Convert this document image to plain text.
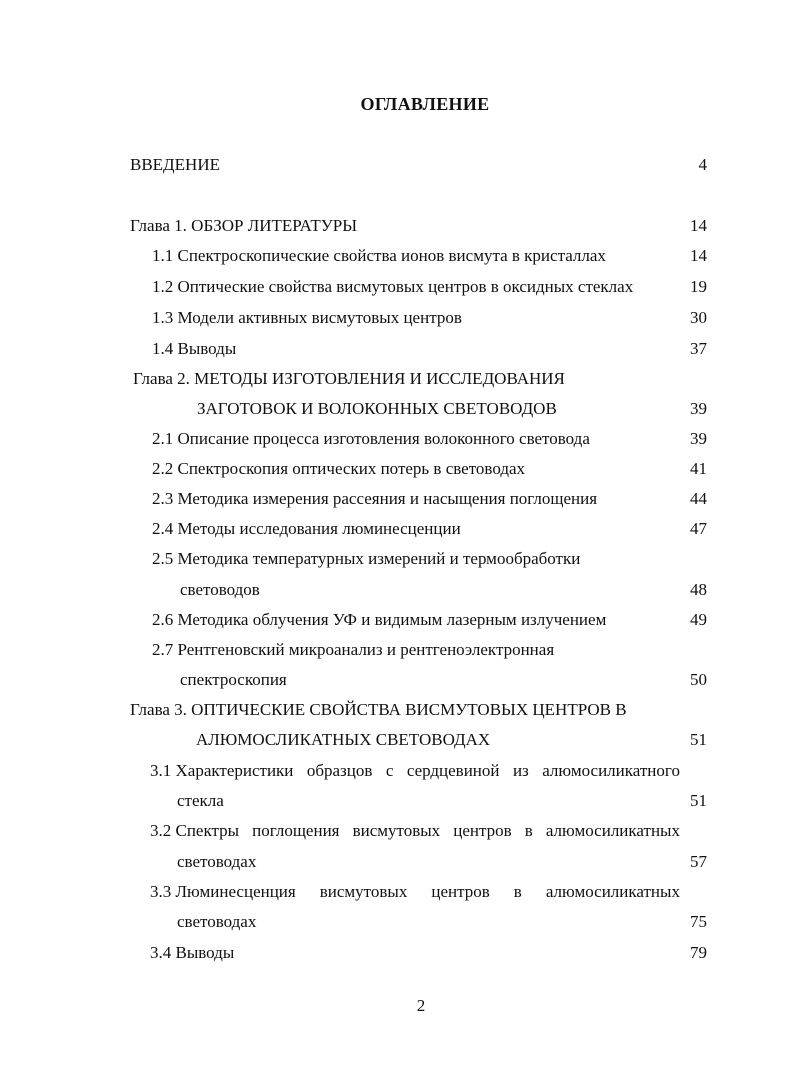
ОГЛАВЛЕНИЕ
ВВЕДЕНИЕ	4
Глава 1. ОБЗОР ЛИТЕРАТУРЫ	14
1.1 Спектроскопические свойства ионов висмута в кристаллах	14
1.2 Оптические свойства висмутовых центров в оксидных стеклах	19
1.3 Модели активных висмутовых центров	30
1.4 Выводы	37
Глава 2. МЕТОДЫ ИЗГОТОВЛЕНИЯ И ИССЛЕДОВАНИЯ
ЗАГОТОВОК И ВОЛОКОННЫХ СВЕТОВОДОВ	39
2.1 Описание процесса изготовления волоконного световода	39
2.2 Спектроскопия оптических потерь в световодах	41
2.3 Методика измерения рассеяния и насыщения поглощения	44
2.4 Методы исследования люминесценции	47
2.5 Методика температурных измерений и термообработки
световодов	48
2.6 Методика облучения УФ и видимым лазерным излучением	49
2.7 Рентгеновский микроанализ и рентгеноэлектронная
спектроскопия	50
Глава 3. ОПТИЧЕСКИЕ СВОЙСТВА ВИСМУТОВЫХ ЦЕНТРОВ В
АЛЮМОСЛИКАТНЫХ СВЕТОВОДАХ	51
3.1 Характеристики образцов с сердцевиной из алюмосиликатного
стекла	51
3.2 Спектры поглощения висмутовых центров в алюмосиликатных
световодах	57
3.3 Люминесценция висмутовых центров в алюмосиликатных
световодах	75
3.4 Выводы	79
2
